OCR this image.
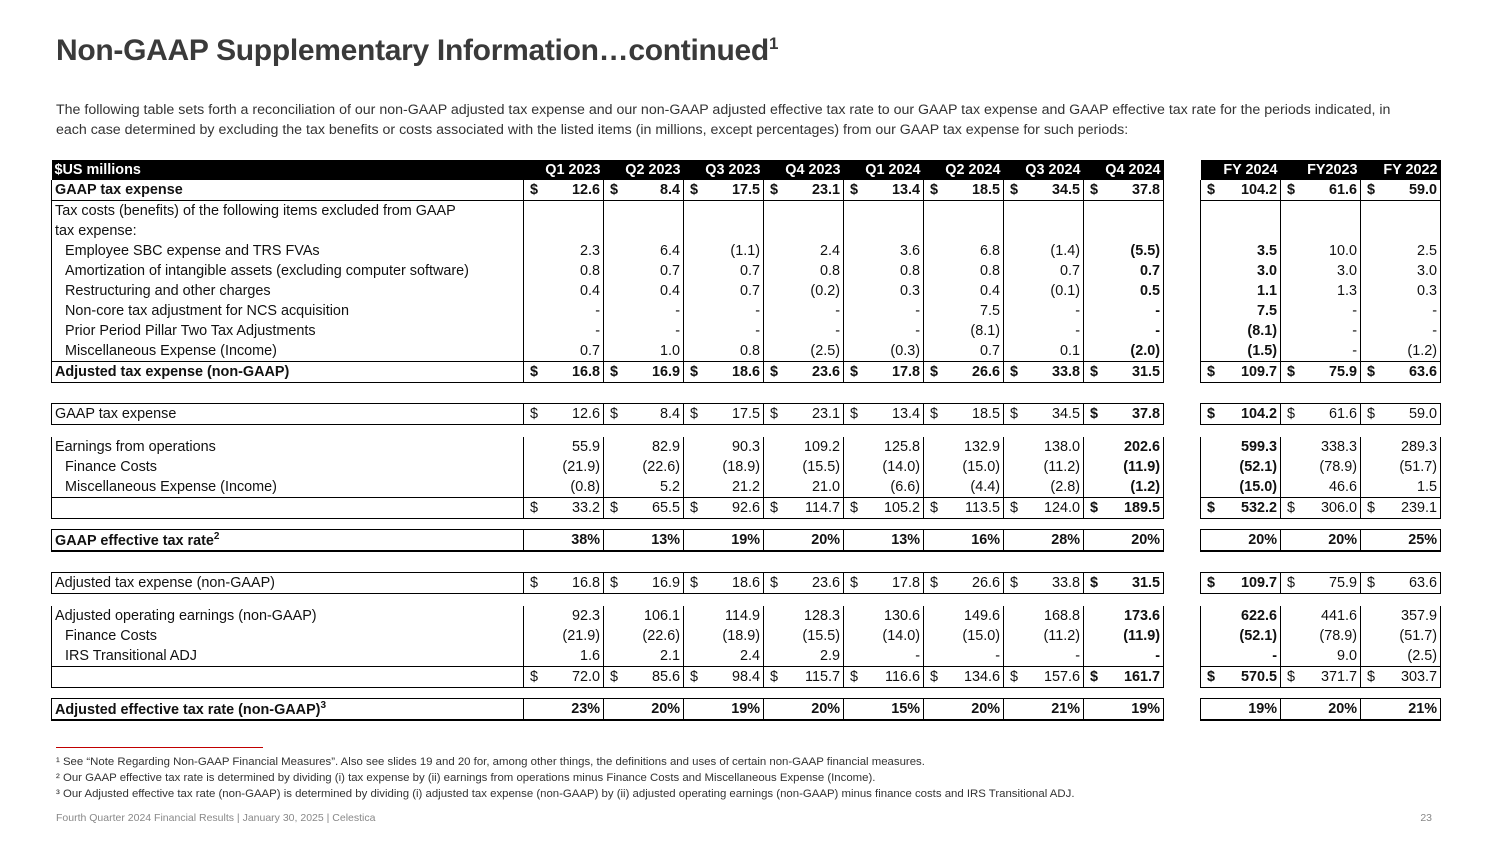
Non-GAAP Supplementary Information…continued$^1$
The following table sets forth a reconciliation of our non-GAAP adjusted tax expense and our non-GAAP adjusted effective tax rate to our GAAP tax expense and GAAP effective tax rate for the periods indicated, in each case determined by excluding the tax benefits or costs associated with the listed items (in millions, except percentages) from our GAAP tax expense for such periods:
$US millions	Q1 2023	Q2 2023	Q3 2023	Q4 2023	Q1 2024	Q2 2024	Q3 2024	Q4 2024		FY 2024	FY2023	FY 2022
GAAP tax expense	$ 12.6	$ 8.4	$ 17.5	$ 23.1	$ 13.4	$ 18.5	$ 34.5	$ 37.8		$ 104.2	$ 61.6	$ 59.0
Tax costs (benefits) of the following items excluded from GAAP												
tax expense:												
Employee SBC expense and TRS FVAs	2.3	6.4	(1.1)	2.4	3.6	6.8	(1.4)	(5.5)		3.5	10.0	2.5
Amortization of intangible assets (excluding computer software)	0.8	0.7	0.7	0.8	0.8	0.8	0.7	0.7		3.0	3.0	3.0
Restructuring and other charges	0.4	0.4	0.7	(0.2)	0.3	0.4	(0.1)	0.5		1.1	1.3	0.3
Non-core tax adjustment for NCS acquisition	-	-	-	-	-	7.5	-	-		7.5	-	-
Prior Period Pillar Two Tax Adjustments	-	-	-	-	-	(8.1)	-	-		(8.1)	-	-
Miscellaneous Expense (Income)	0.7	1.0	0.8	(2.5)	(0.3)	0.7	0.1	(2.0)		(1.5)	-	(1.2)
Adjusted tax expense (non-GAAP)	$ 16.8	$ 16.9	$ 18.6	$ 23.6	$ 17.8	$ 26.6	$ 33.8	$ 31.5		$ 109.7	$ 75.9	$ 63.6

GAAP tax expense	$ 12.6	$ 8.4	$ 17.5	$ 23.1	$ 13.4	$ 18.5	$ 34.5	$ 37.8		$ 104.2	$ 61.6	$ 59.0

Earnings from operations	55.9	82.9	90.3	109.2	125.8	132.9	138.0	202.6		599.3	338.3	289.3
Finance Costs	(21.9)	(22.6)	(18.9)	(15.5)	(14.0)	(15.0)	(11.2)	(11.9)		(52.1)	(78.9)	(51.7)
Miscellaneous Expense (Income)	(0.8)	5.2	21.2	21.0	(6.6)	(4.4)	(2.8)	(1.2)		(15.0)	46.6	1.5

	$ 33.2	$ 65.5	$ 92.6	$ 114.7	$ 105.2	$ 113.5	$ 124.0	$ 189.5		$ 532.2	$ 306.0	$ 239.1

GAAP effective tax rate$^2$	38%	13%	19%	20%	13%	16%	28%	20%		20%	20%	25%

Adjusted tax expense (non-GAAP)	$ 16.8	$ 16.9	$ 18.6	$ 23.6	$ 17.8	$ 26.6	$ 33.8	$ 31.5		$ 109.7	$ 75.9	$ 63.6

Adjusted operating earnings (non-GAAP)	92.3	106.1	114.9	128.3	130.6	149.6	168.8	173.6		622.6	441.6	357.9
Finance Costs	(21.9)	(22.6)	(18.9)	(15.5)	(14.0)	(15.0)	(11.2)	(11.9)		(52.1)	(78.9)	(51.7)
IRS Transitional ADJ	1.6	2.1	2.4	2.9	-	-	-	-		-	9.0	(2.5)

	$ 72.0	$ 85.6	$ 98.4	$ 115.7	$ 116.6	$ 134.6	$ 157.6	$ 161.7		$ 570.5	$ 371.7	$ 303.7

Adjusted effective tax rate (non-GAAP)$^3$	23%	20%	19%	20%	15%	20%	21%	19%		19%	20%	21%
¹ See “Note Regarding Non-GAAP Financial Measures”. Also see slides 19 and 20 for, among other things, the definitions and uses of certain non-GAAP financial measures.
² Our GAAP effective tax rate is determined by dividing (i) tax expense by (ii) earnings from operations minus Finance Costs and Miscellaneous Expense (Income).
³ Our Adjusted effective tax rate (non-GAAP) is determined by dividing (i) adjusted tax expense (non-GAAP) by (ii) adjusted operating earnings (non-GAAP) minus finance costs and IRS Transitional ADJ.
Fourth Quarter 2024 Financial Results | January 30, 2025 | Celestica	23
